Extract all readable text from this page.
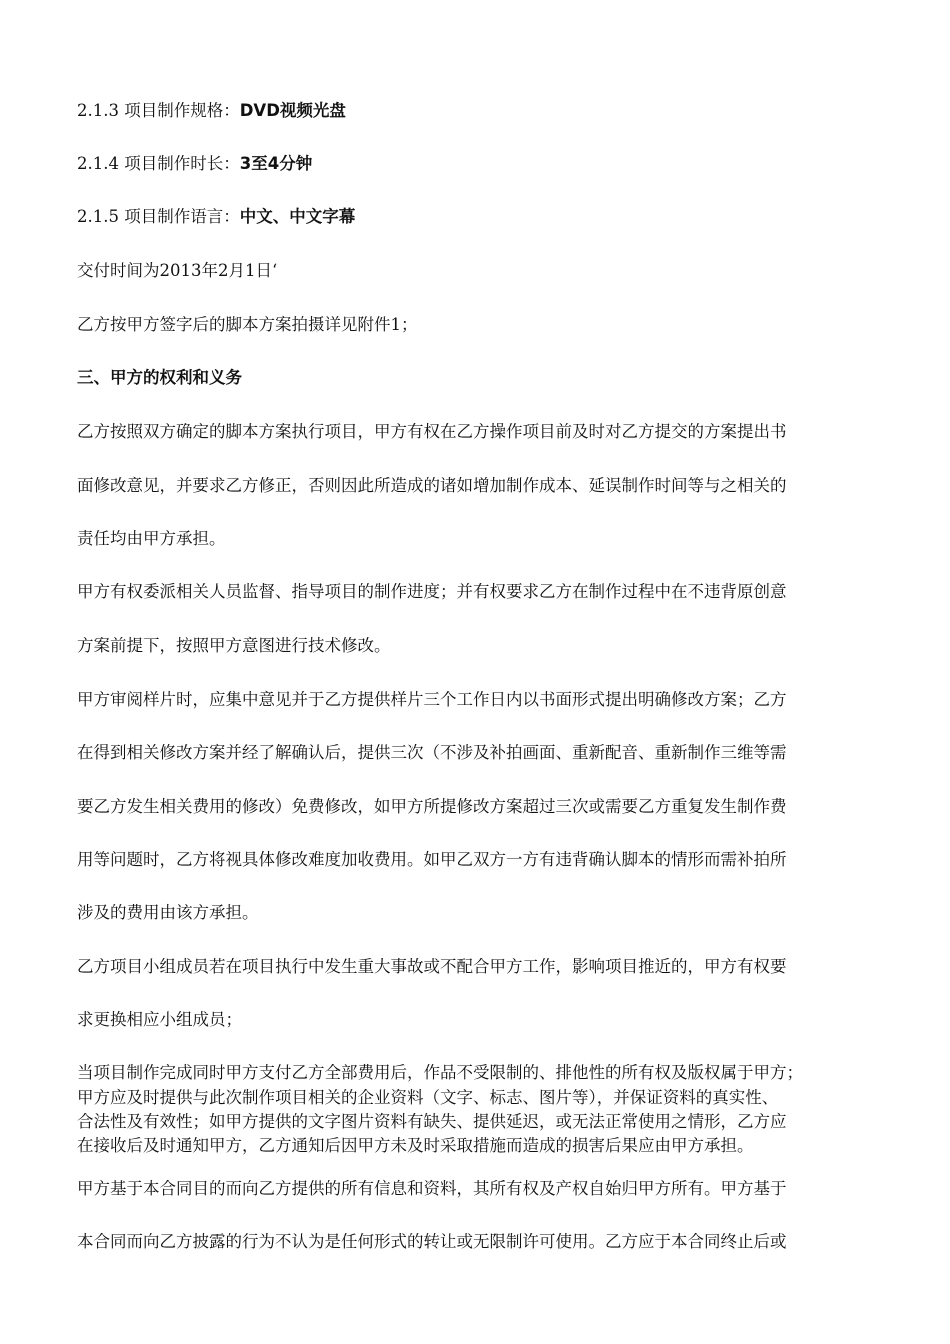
2.1.3 项目制作规格：DVD视频光盘
2.1.4 项目制作时长：3至4分钟
2.1.5 项目制作语言：中文、中文字幕
交付时间为2013年2月1日‘
乙方按甲方签字后的脚本方案拍摄详见附件1；
三、甲方的权利和义务
乙方按照双方确定的脚本方案执行项目，甲方有权在乙方操作项目前及时对乙方提交的方案提出书
面修改意见，并要求乙方修正，否则因此所造成的诸如增加制作成本、延误制作时间等与之相关的
责任均由甲方承担。
甲方有权委派相关人员监督、指导项目的制作进度；并有权要求乙方在制作过程中在不违背原创意
方案前提下，按照甲方意图进行技术修改。
甲方审阅样片时，应集中意见并于乙方提供样片三个工作日内以书面形式提出明确修改方案；乙方
在得到相关修改方案并经了解确认后，提供三次（不涉及补拍画面、重新配音、重新制作三维等需
要乙方发生相关费用的修改）免费修改，如甲方所提修改方案超过三次或需要乙方重复发生制作费
用等问题时，乙方将视具体修改难度加收费用。如甲乙双方一方有违背确认脚本的情形而需补拍所
涉及的费用由该方承担。
乙方项目小组成员若在项目执行中发生重大事故或不配合甲方工作，影响项目推近的，甲方有权要
求更换相应小组成员；
当项目制作完成同时甲方支付乙方全部费用后，作品不受限制的、排他性的所有权及版权属于甲方；
甲方应及时提供与此次制作项目相关的企业资料（文字、标志、图片等），并保证资料的真实性、
合法性及有效性；如甲方提供的文字图片资料有缺失、提供延迟，或无法正常使用之情形，乙方应
在接收后及时通知甲方，乙方通知后因甲方未及时采取措施而造成的损害后果应由甲方承担。
甲方基于本合同目的而向乙方提供的所有信息和资料，其所有权及产权自始归甲方所有。甲方基于
本合同而向乙方披露的行为不认为是任何形式的转让或无限制许可使用。乙方应于本合同终止后或
